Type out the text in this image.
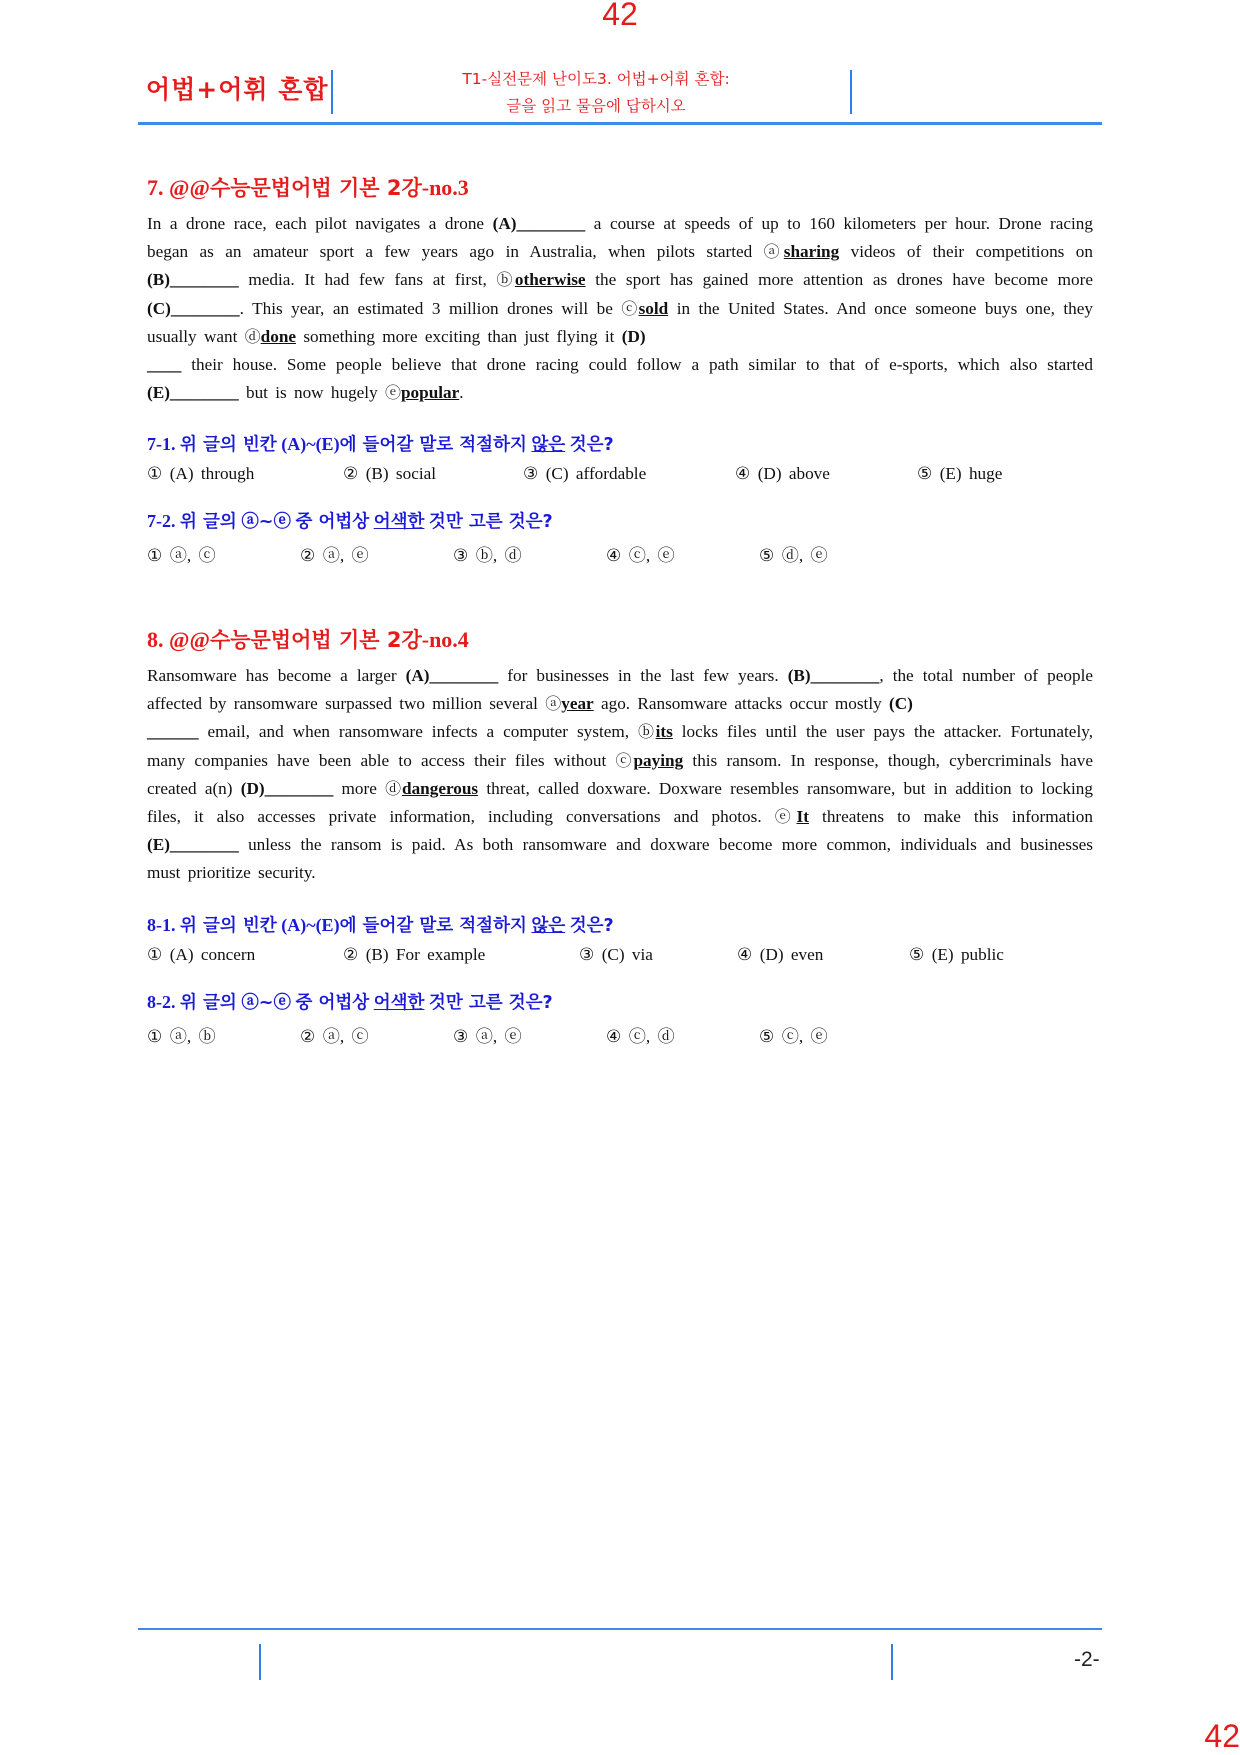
42
42
어법+어휘 혼합	T1-실전문제 난이도3. 어법+어휘 혼합:
글을 읽고 물음에 답하시오
7. @@수능문법어법 기본 2강-no.3

In a drone race, each pilot navigates a drone (A)________ a course at speeds of up to 160 kilometers per hour. Drone racing began as an amateur sport a few years ago in Australia, when pilots started ⓐsharing videos of their competitions on (B)________ media. It had few fans at first, ⓑotherwise the sport has gained more attention as drones have become more (C)________. This year, an estimated 3 million drones will be ⓒsold in the United States. And once someone buys one, they usually want ⓓdone something more exciting than just flying it (D)
____ their house. Some people believe that drone racing could follow a path similar to that of e-sports, which also started (E)________ but is now hugely ⓔpopular.

7-1. 위 글의 빈칸 (A)~(E)에 들어갈 말로 적절하지 않은 것은?
① (A) through	② (B) social	③ (C) affordable	④ (D) above	⑤ (E) huge
7-2. 위 글의 ⓐ~ⓔ 중 어법상 어색한 것만 고른 것은?
① ⓐ, ⓒ	② ⓐ, ⓔ	③ ⓑ, ⓓ	④ ⓒ, ⓔ	⑤ ⓓ, ⓔ
8. @@수능문법어법 기본 2강-no.4

Ransomware has become a larger (A)________ for businesses in the last few years. (B)________, the total number of people affected by ransomware surpassed two million several ⓐyear ago. Ransomware attacks occur mostly (C)
______ email, and when ransomware infects a computer system, ⓑits locks files until the user pays the attacker. Fortunately, many companies have been able to access their files without ⓒpaying this ransom. In response, though, cybercriminals have created a(n) (D)________ more ⓓdangerous threat, called doxware. Doxware resembles ransomware, but in addition to locking files, it also accesses private information, including conversations and photos. ⓔIt threatens to make this information (E)________ unless the ransom is paid. As both ransomware and doxware become more common, individuals and businesses must prioritize security.

8-1. 위 글의 빈칸 (A)~(E)에 들어갈 말로 적절하지 않은 것은?
① (A) concern	② (B) For example	③ (C) via	④ (D) even	⑤ (E) public
8-2. 위 글의 ⓐ~ⓔ 중 어법상 어색한 것만 고른 것은?
① ⓐ, ⓑ	② ⓐ, ⓒ	③ ⓐ, ⓔ	④ ⓒ, ⓓ	⑤ ⓒ, ⓔ
-2-
